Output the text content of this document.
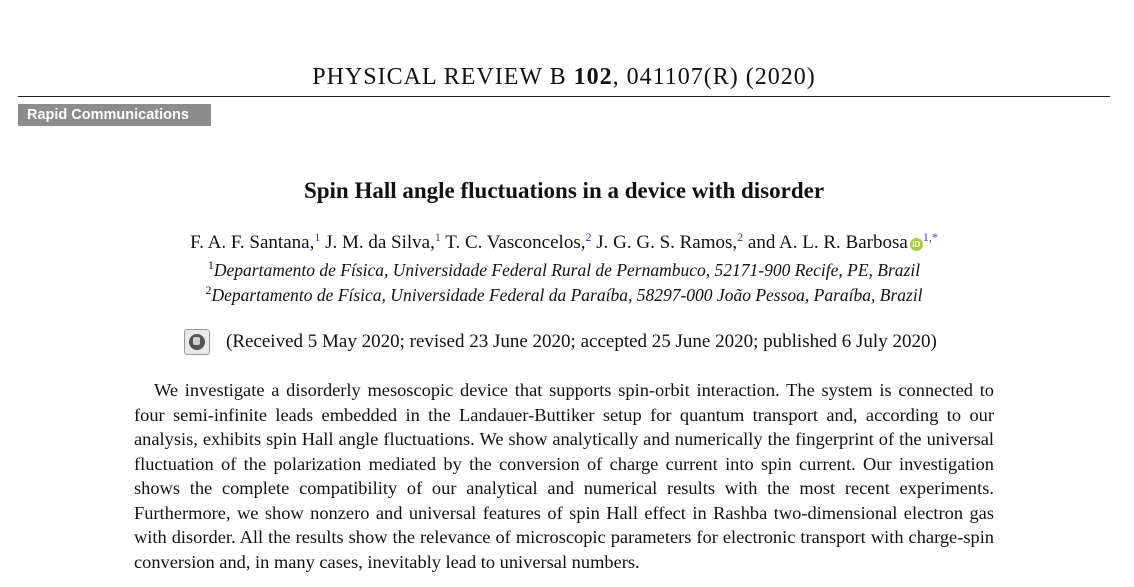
PHYSICAL REVIEW B 102, 041107(R) (2020)
Rapid Communications
Spin Hall angle fluctuations in a device with disorder
F. A. F. Santana,$^1$ J. M. da Silva,$^1$ T. C. Vasconcelos,$^2$ J. G. G. S. Ramos,$^2$ and A. L. R. Barbosa $iD^{1,*}$
$^1$Departamento de Física, Universidade Federal Rural de Pernambuco, 52171-900 Recife, PE, Brazil
$^2$Departamento de Física, Universidade Federal da Paraíba, 58297-000 João Pessoa, Paraíba, Brazil
(Received 5 May 2020; revised 23 June 2020; accepted 25 June 2020; published 6 July 2020)

We investigate a disorderly mesoscopic device that supports spin-orbit interaction. The system is connected to four semi-infinite leads embedded in the Landauer-Buttiker setup for quantum transport and, according to our analysis, exhibits spin Hall angle fluctuations. We show analytically and numerically the fingerprint of the universal fluctuation of the polarization mediated by the conversion of charge current into spin current. Our investigation shows the complete compatibility of our analytical and numerical results with the most recent experiments. Furthermore, we show nonzero and universal features of spin Hall effect in Rashba two-dimensional electron gas with disorder. All the results show the relevance of microscopic parameters for electronic transport with charge-spin conversion and, in many cases, inevitably lead to universal numbers.
